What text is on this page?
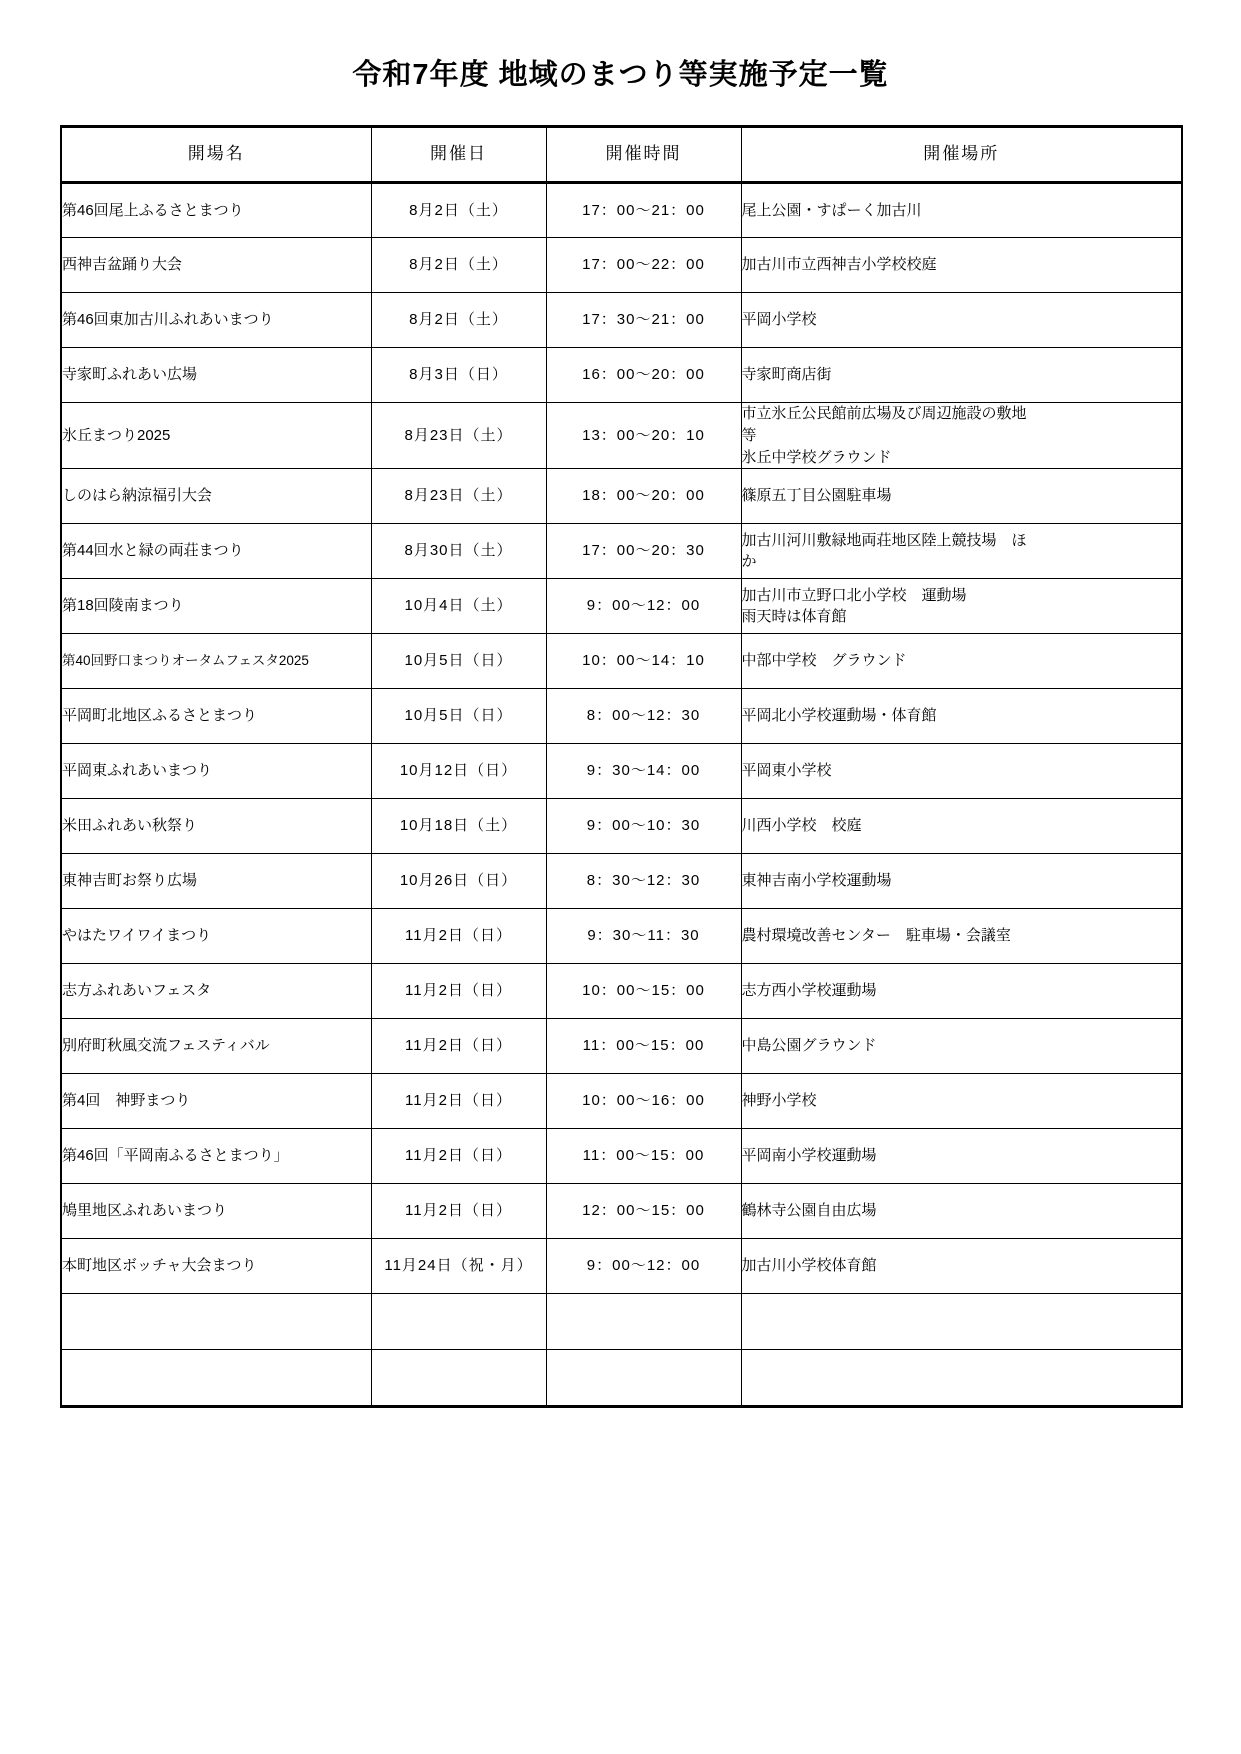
令和7年度 地域のまつり等実施予定一覧
開場名	開催日	開催時間	開催場所

第46回尾上ふるさとまつり	8月2日（土）	17：00〜21：00	尾上公園・すぱーく加古川

西神吉盆踊り大会	8月2日（土）	17：00〜22：00	加古川市立西神吉小学校校庭

第46回東加古川ふれあいまつり	8月2日（土）	17：30〜21：00	平岡小学校

寺家町ふれあい広場	8月3日（日）	16：00〜20：00	寺家町商店街

氷丘まつり2025	8月23日（土）	13：00〜20：10	市立氷丘公民館前広場及び周辺施設の敷地
等
氷丘中学校グラウンド

しのはら納涼福引大会	8月23日（土）	18：00〜20：00	篠原五丁目公園駐車場

第44回水と緑の両荘まつり	8月30日（土）	17：00〜20：30	加古川河川敷緑地両荘地区陸上競技場　ほ
か

第18回陵南まつり	10月4日（土）	9：00〜12：00	加古川市立野口北小学校　運動場
雨天時は体育館

第40回野口まつりオータムフェスタ2025	10月5日（日）	10：00〜14：10	中部中学校　グラウンド

平岡町北地区ふるさとまつり	10月5日（日）	8：00〜12：30	平岡北小学校運動場・体育館

平岡東ふれあいまつり	10月12日（日）	9：30〜14：00	平岡東小学校

米田ふれあい秋祭り	10月18日（土）	9：00〜10：30	川西小学校　校庭

東神吉町お祭り広場	10月26日（日）	8：30〜12：30	東神吉南小学校運動場

やはたワイワイまつり	11月2日（日）	9：30〜11：30	農村環境改善センター　駐車場・会議室

志方ふれあいフェスタ	11月2日（日）	10：00〜15：00	志方西小学校運動場

別府町秋風交流フェスティバル	11月2日（日）	11：00〜15：00	中島公園グラウンド

第4回　神野まつり	11月2日（日）	10：00〜16：00	神野小学校

第46回「平岡南ふるさとまつり」	11月2日（日）	11：00〜15：00	平岡南小学校運動場

鳩里地区ふれあいまつり	11月2日（日）	12：00〜15：00	鶴林寺公園自由広場

本町地区ボッチャ大会まつり	11月24日（祝・月）	9：00〜12：00	加古川小学校体育館
